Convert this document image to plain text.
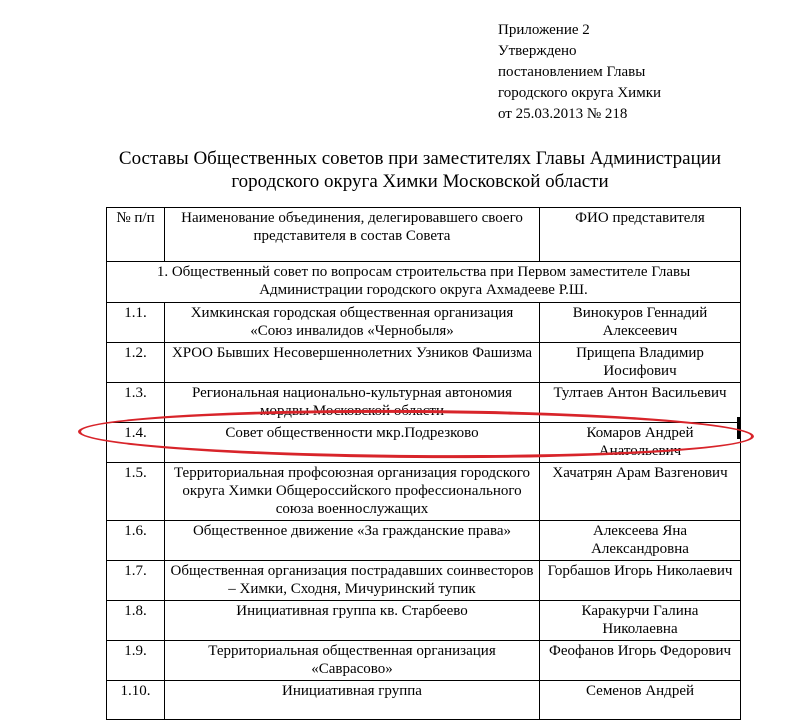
Приложение 2
Утверждено
постановлением Главы
городского округа Химки
от 25.03.2013 № 218
Составы Общественных советов при заместителях Главы Администрации
городского округа Химки Московской области
№ п/п	Наименование объединения, делегировавшего своего представителя в состав Совета	ФИО представителя
1. Общественный совет по вопросам строительства при Первом заместителе Главы Администрации городского округа Ахмадееве Р.Ш.		
1.1.	Химкинская городская общественная организация «Союз инвалидов «Чернобыля»	Винокуров Геннадий Алексеевич
1.2.	ХРОО Бывших Несовершеннолетних Узников Фашизма	Прищепа Владимир Иосифович
1.3.	Региональная национально-культурная автономия мордвы Московской области	Тултаев Антон Васильевич
1.4.	Совет общественности мкр.Подрезково	Комаров Андрей Анатольевич
1.5.	Территориальная профсоюзная организация городского округа Химки Общероссийского профессионального союза военнослужащих	Хачатрян Арам Вазгенович
1.6.	Общественное движение «За гражданские права»	Алексеева Яна Александровна
1.7.	Общественная организация пострадавших соинвесторов – Химки, Сходня, Мичуринский тупик	Горбашов Игорь Николаевич
1.8.	Инициативная группа кв. Старбеево	Каракурчи Галина Николаевна
1.9.	Территориальная общественная организация «Саврасово»	Феофанов Игорь Федорович
1.10.	Инициативная группа	Семенов Андрей
